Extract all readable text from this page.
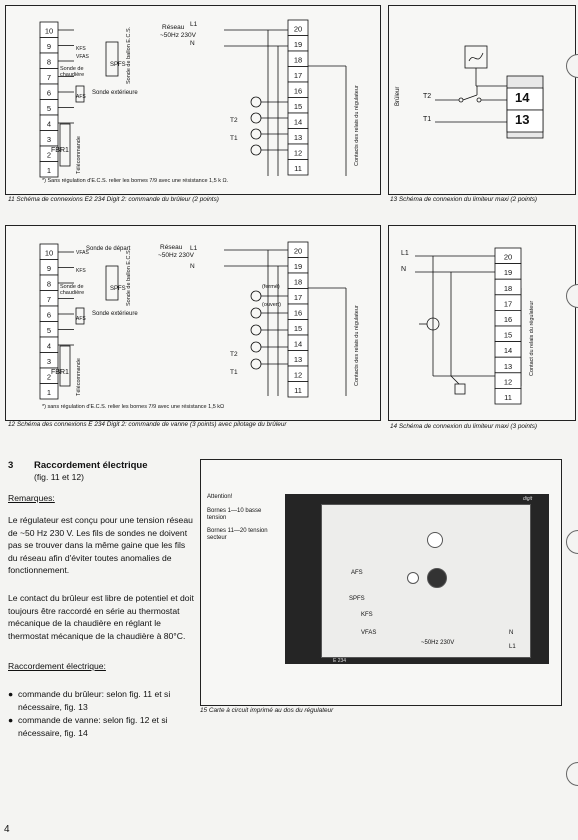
10
9
8
7
6
5
4
3
2
1
20
19
18
17
16
15
14
13
12
11
L1
N
T2
T1
FBR1
SPFS
AFS
KFS
VFAS
Contacts des relais du régulateur
Télécommande
Sonde de ballon E.C.S.
14
13
T2
T1
Brûleur
13 Schéma de connexion du limiteur maxi (2 points)
10
9
8
7
6
5
4
3
2
1
20
19
18
17
16
15
14
13
12
11
L1
N
T2
T1
FBR1
SPFS
AFS
VFAS
KFS
Contacts des relais du régulateur
Télécommande
Sonde de ballon E.C.S.
12 Schéma des connexions E 234 Digit 2: commande de vanne (3 points) avec pilotage du brûleur
20
19
18
17
16
15
14
13
12
11
L1
N
Contact du relais du régulateur
14 Schéma de connexion du limiteur maxi (3 points)
11 Schéma de connexions E2 234 Digit 2: commande du brûleur (2 points)
3 Raccordement électrique
(fig. 11 et 12)
Remarques:
Le régulateur est conçu pour une tension réseau de ~50 Hz 230 V. Les fils de sondes ne doivent pas se trouver dans la même gaine que les fils du réseau afin d'éviter toutes anomalies de fonctionnement.
Le contact du brûleur est libre de potentiel et doit toujours être raccordé en série au thermostat mécanique de la chaudière en réglant le thermostat mécanique de la chaudière à 80°C.
Raccordement électrique:
● commande du brûleur: selon fig. 11 et si nécessaire, fig. 13
● commande de vanne: selon fig. 12 et si nécessaire, fig. 14
Attention!
Bornes 1—10 basse tension
Bornes 11—20 tension secteur
~50Hz 230V
E 234
digit
AFS
SPFS
KFS
VFAS	N
L1
15 Carte à circuit imprimé au dos du régulateur
4
Réseau
~50Hz 230V
Sonde de chaudière
Sonde extérieure
*) Sans régulation d'E.C.S. relier les bornes 7/9 avec une résistance 1,5 k Ω.
Réseau
~50Hz 230V
Sonde de départ
Sonde extérieure
Sonde de chaudière
(fermé)
(ouvert)
*) sans régulation d'E.C.S. relier les bornes 7/9 avec une résistance 1,5 kΩ
